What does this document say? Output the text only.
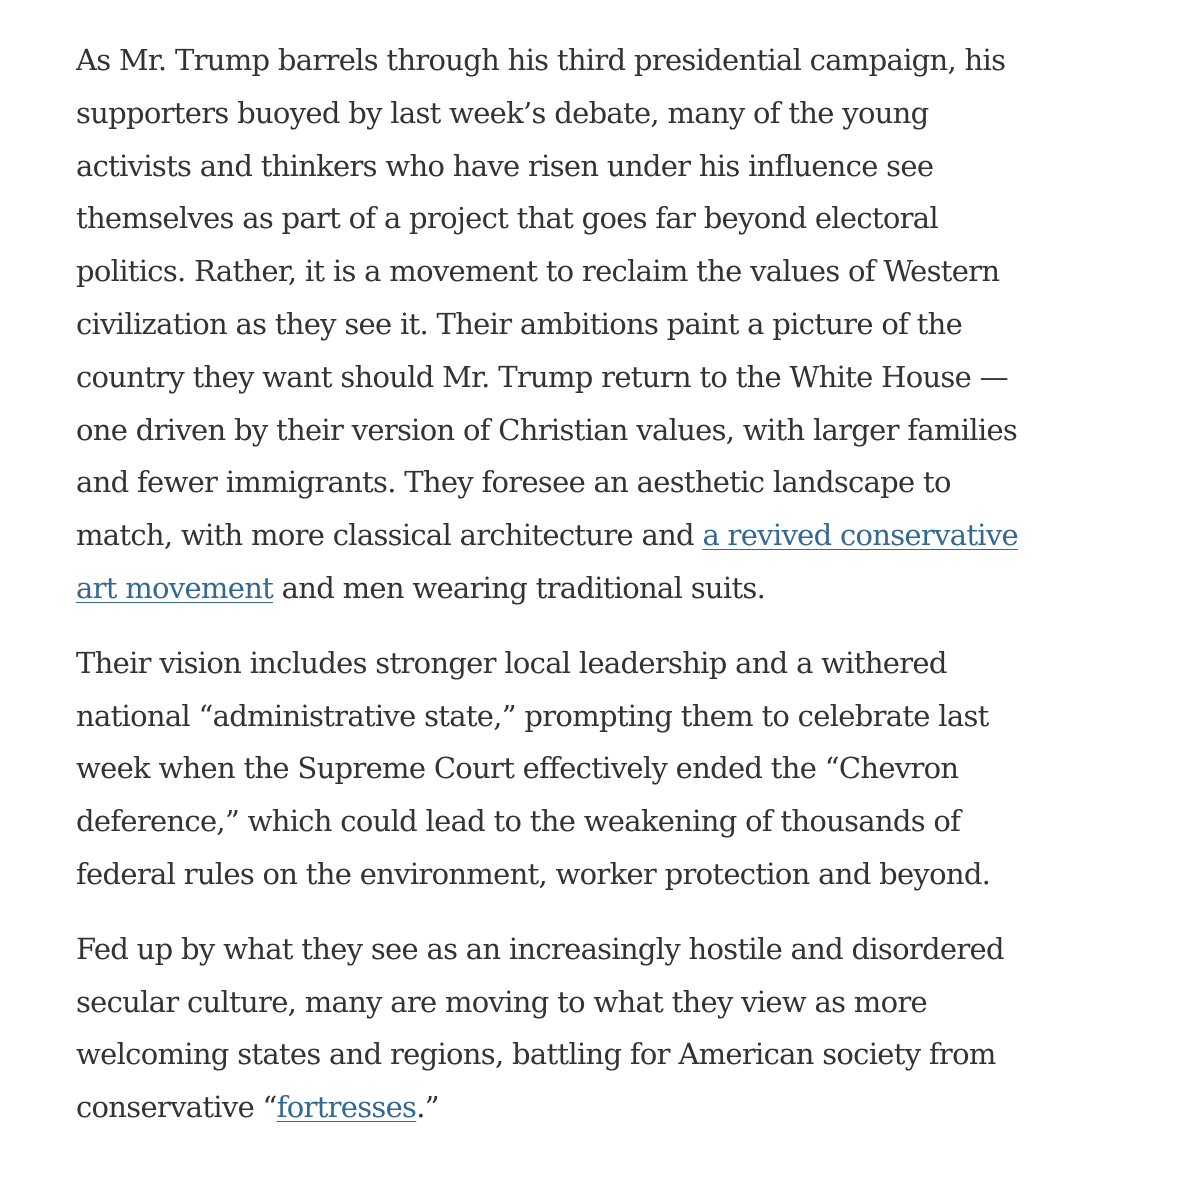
As Mr. Trump barrels through his third presidential campaign, his
supporters buoyed by last week’s debate, many of the young
activists and thinkers who have risen under his influence see
themselves as part of a project that goes far beyond electoral
politics. Rather, it is a movement to reclaim the values of Western
civilization as they see it. Their ambitions paint a picture of the
country they want should Mr. Trump return to the White House —
one driven by their version of Christian values, with larger families
and fewer immigrants. They foresee an aesthetic landscape to
match, with more classical architecture and a revived conservative
art movement and men wearing traditional suits.

Their vision includes stronger local leadership and a withered
national “administrative state,” prompting them to celebrate last
week when the Supreme Court effectively ended the “Chevron
deference,” which could lead to the weakening of thousands of
federal rules on the environment, worker protection and beyond.

Fed up by what they see as an increasingly hostile and disordered
secular culture, many are moving to what they view as more
welcoming states and regions, battling for American society from
conservative “fortresses.”
